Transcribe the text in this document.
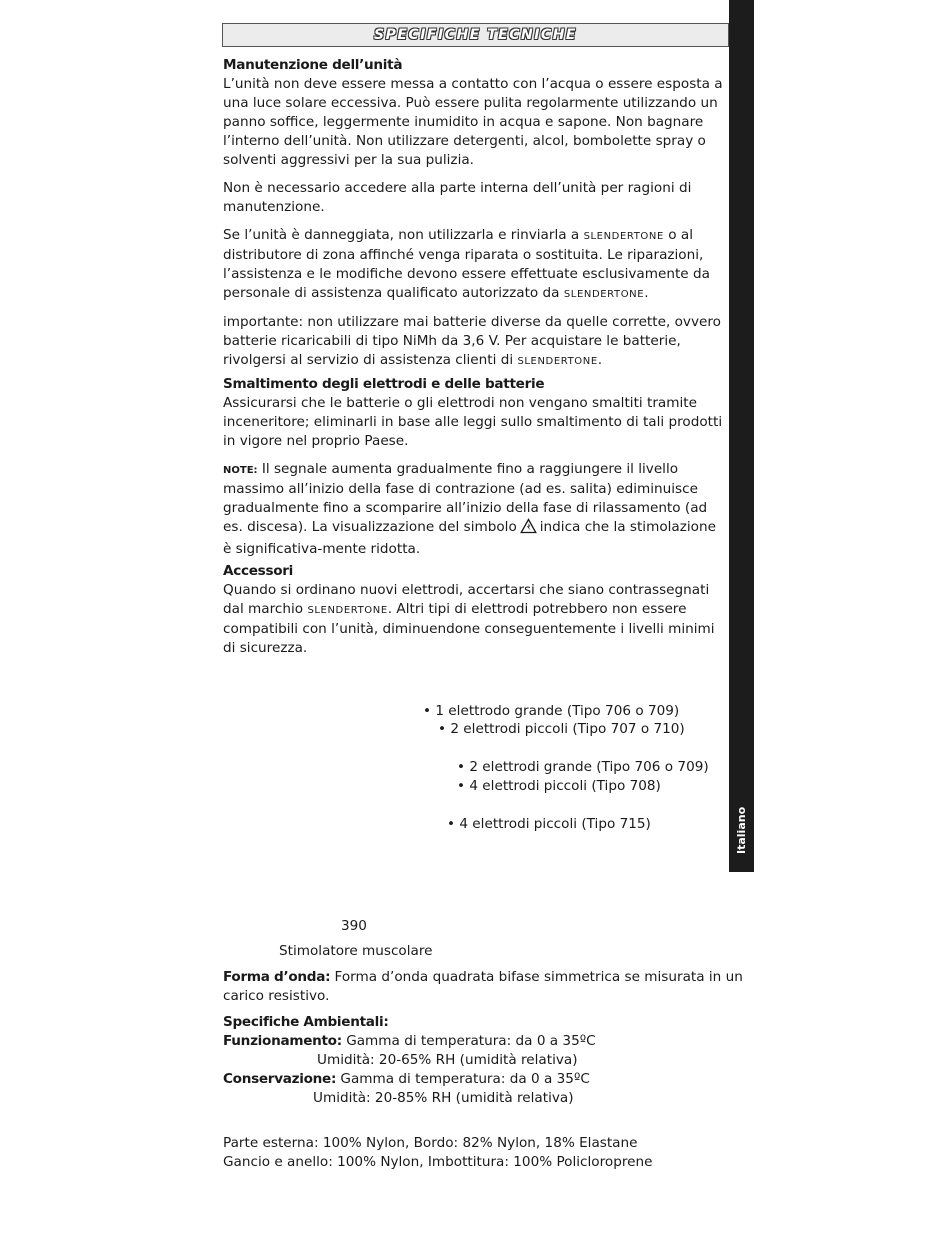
SPECIFICHE TECNICHE
Italiano

Manutenzione dell’unità

L’unità non deve essere messa a contatto con l’acqua o essere esposta a una luce solare eccessiva. Può essere pulita regolarmente utilizzando un panno soffice, leggermente inumidito in acqua e sapone. Non bagnare l’interno dell’unità. Non utilizzare detergenti, alcol, bombolette spray o solventi aggressivi per la sua pulizia.

Non è necessario accedere alla parte interna dell’unità per ragioni di manutenzione.

Se l’unità è danneggiata, non utilizzarla e rinviarla a SLENDERTONE o al distributore di zona affinché venga riparata o sostituita. Le riparazioni, l’assistenza e le modifiche devono essere effettuate esclusivamente da personale di assistenza qualificato autorizzato da SLENDERTONE.

importante: non utilizzare mai batterie diverse da quelle corrette, ovvero batterie ricaricabili di tipo NiMh da 3,6 V. Per acquistare le batterie, rivolgersi al servizio di assistenza clienti di SLENDERTONE.

Smaltimento degli elettrodi e delle batterie

Assicurarsi che le batterie o gli elettrodi non vengano smaltiti tramite inceneritore; eliminarli in base alle leggi sullo smaltimento di tali prodotti in vigore nel proprio Paese.

NOTE: Il segnale aumenta gradualmente fino a raggiungere il livello massimo all’inizio della fase di contrazione (ad es. salita) ediminuisce gradualmente fino a scomparire all’inizio della fase di rilassamento (ad es. discesa). La visualizzazione del simbolo indica che la stimolazione è significativa-mente ridotta.

Accessori

Quando si ordinano nuovi elettrodi, accertarsi che siano contrassegnati dal marchio SLENDERTONE. Altri tipi di elettrodi potrebbero non essere compatibili con l’unità, diminuendone conseguentemente i livelli minimi di sicurezza.

• 1 elettrodo grande (Tipo 706 o 709)
• 2 elettrodi piccoli (Tipo 707 o 710)
• 2 elettrodi grande (Tipo 706 o 709)
• 4 elettrodi piccoli (Tipo 708)
• 4 elettrodi piccoli (Tipo 715)
390
Stimolatore muscolare
Forma d’onda: Forma d’onda quadrata bifase simmetrica se misurata in un
carico resistivo.
Specifiche Ambientali:
Funzionamento: Gamma di temperatura: da 0 a 35ºC
Umidità: 20-65% RH (umidità relativa)
Conservazione: Gamma di temperatura: da 0 a 35ºC
Umidità: 20-85% RH (umidità relativa)
Parte esterna: 100% Nylon, Bordo: 82% Nylon, 18% Elastane
Gancio e anello: 100% Nylon, Imbottitura: 100% Policloroprene
